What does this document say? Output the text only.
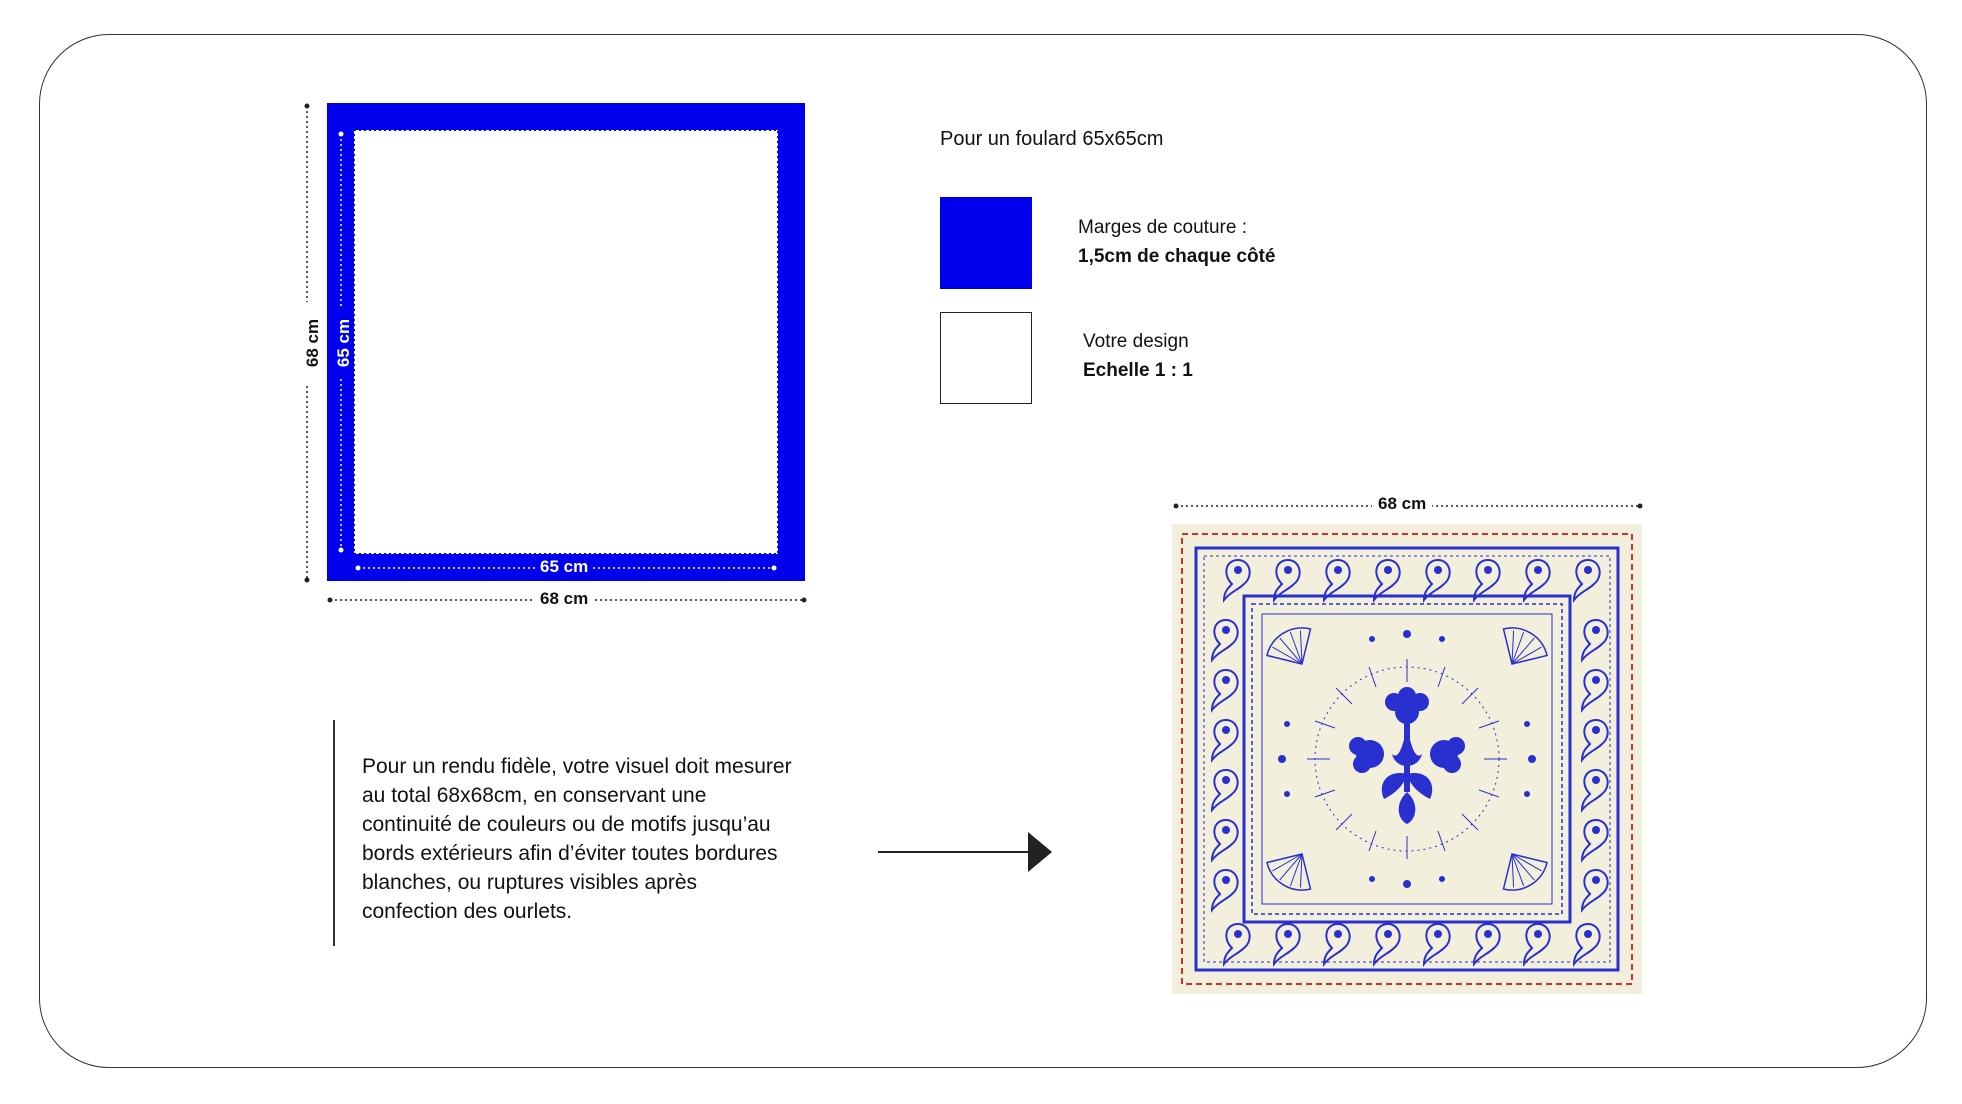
65 cm
68 cm
65 cm
68 cm
Pour un foulard 65x65cm
Marges de couture :
1,5cm de chaque côté
Votre design
Echelle 1 : 1
Pour un rendu fidèle, votre visuel doit mesurer
au total 68x68cm, en conservant une
continuité de couleurs ou de motifs jusqu’au
bords extérieurs afin d’éviter toutes bordures
blanches, ou ruptures visibles après
confection des ourlets.
68 cm
